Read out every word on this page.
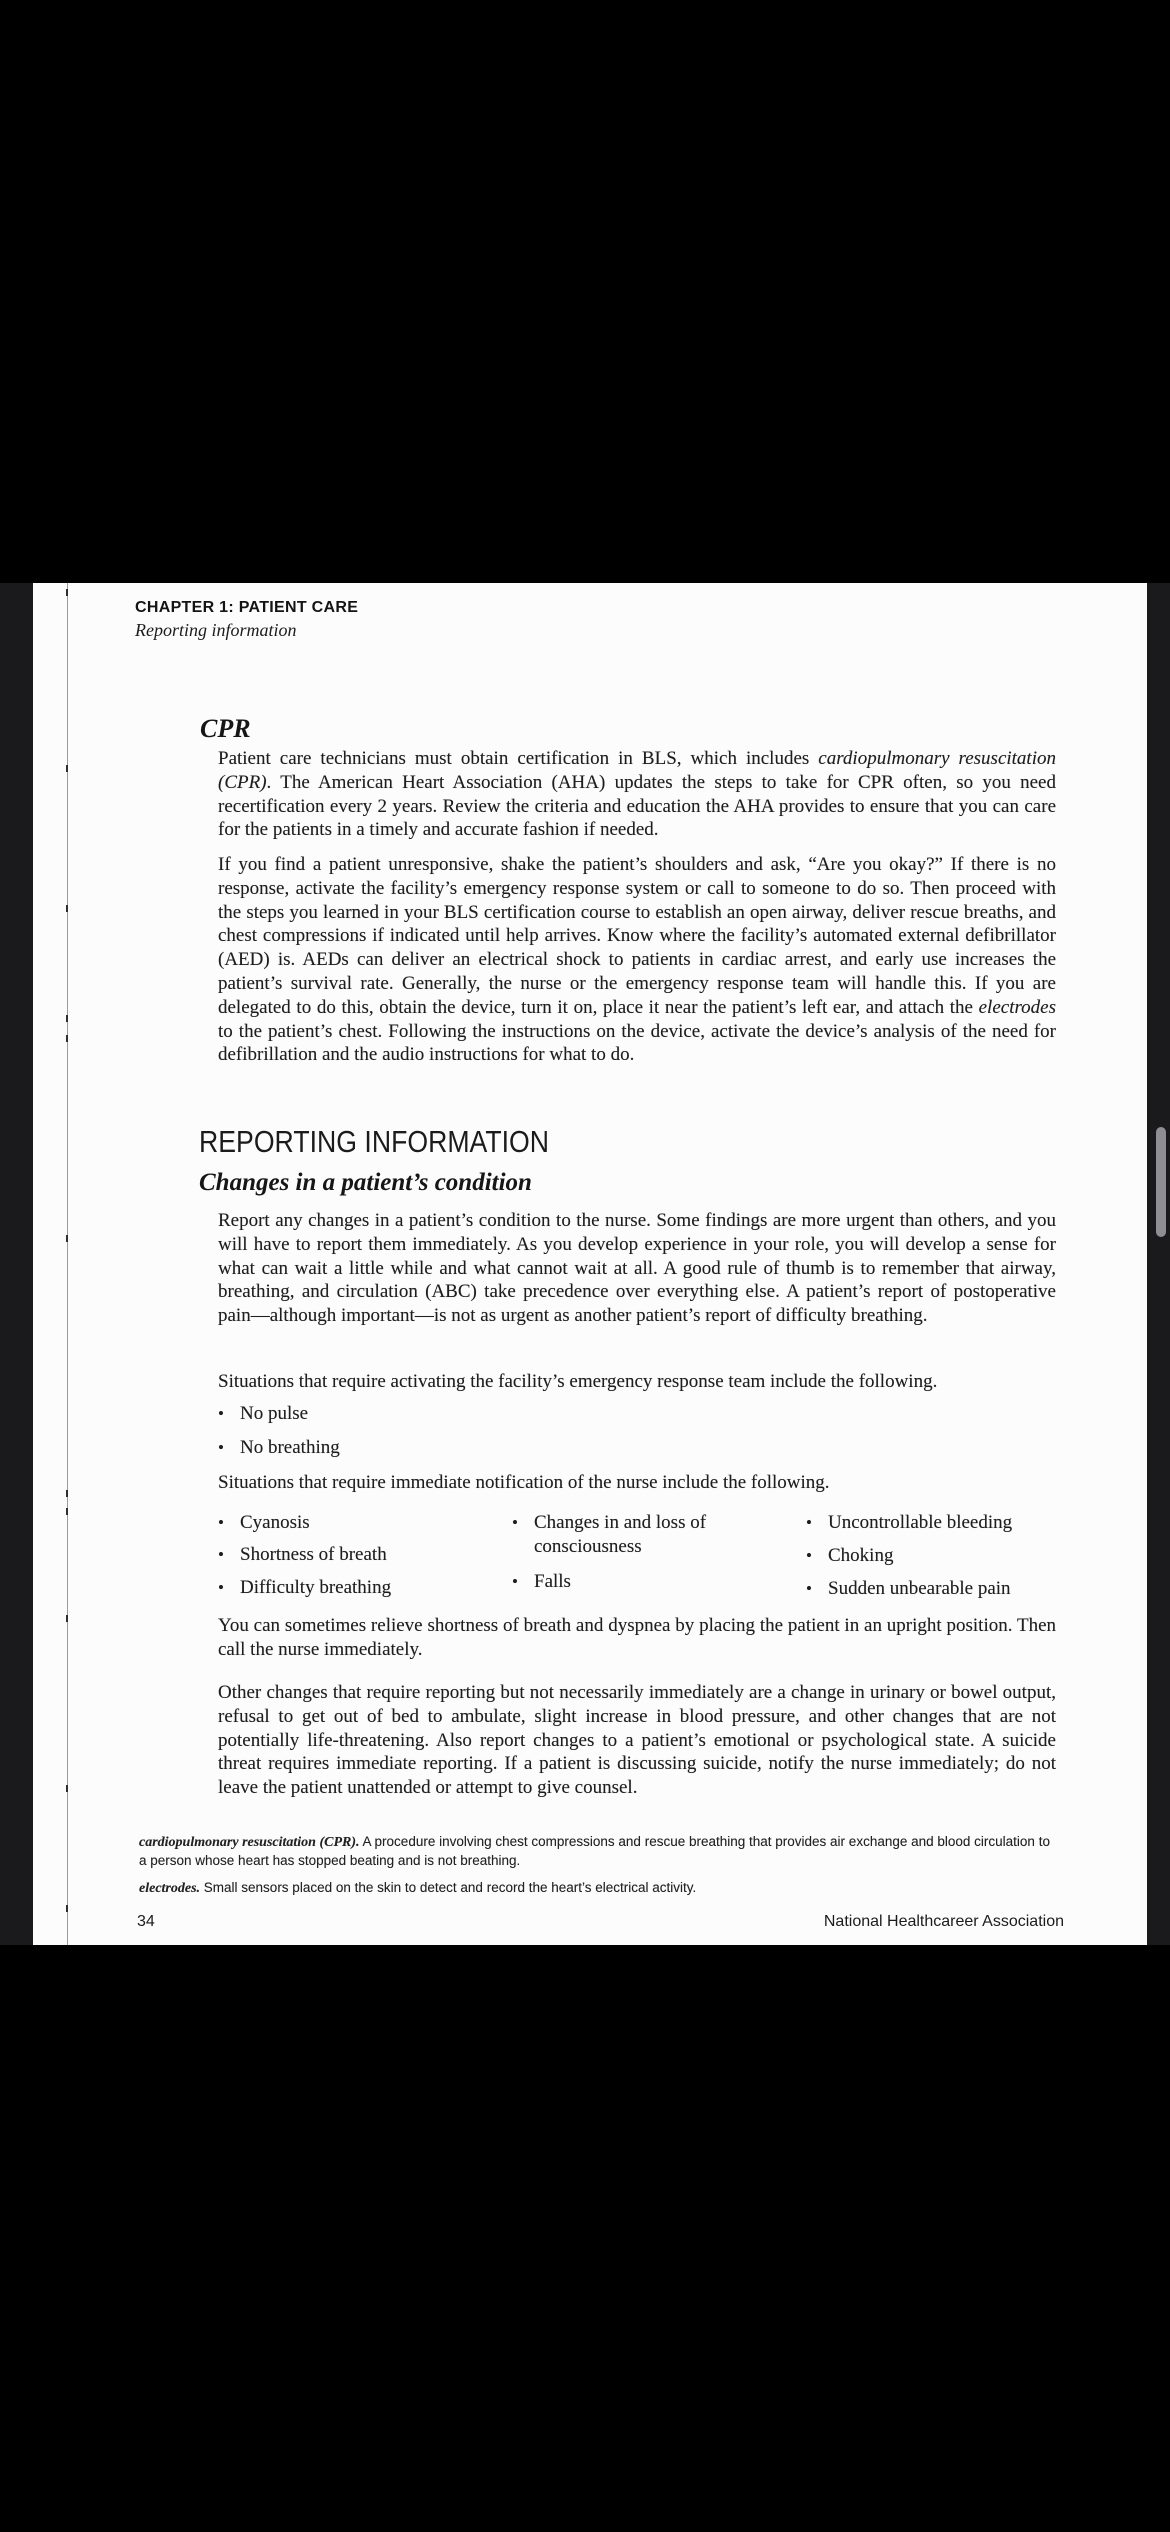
CHAPTER 1: PATIENT CARE
Reporting information
CPR
Patient care technicians must obtain certification in BLS, which includes cardiopulmonary resuscitation (CPR). The American Heart Association (AHA) updates the steps to take for CPR often, so you need recertification every 2 years. Review the criteria and education the AHA provides to ensure that you can care for the patients in a timely and accurate fashion if needed.
If you find a patient unresponsive, shake the patient’s shoulders and ask, “Are you okay?” If there is no response, activate the facility’s emergency response system or call to someone to do so. Then proceed with the steps you learned in your BLS certification course to establish an open airway, deliver rescue breaths, and chest compressions if indicated until help arrives. Know where the facility’s automated external defibrillator (AED) is. AEDs can deliver an electrical shock to patients in cardiac arrest, and early use increases the patient’s survival rate. Generally, the nurse or the emergency response team will handle this. If you are delegated to do this, obtain the device, turn it on, place it near the patient’s left ear, and attach the electrodes to the patient’s chest. Following the instructions on the device, activate the device’s analysis of the need for defibrillation and the audio instructions for what to do.
REPORTING INFORMATION
Changes in a patient’s condition
Report any changes in a patient’s condition to the nurse. Some findings are more urgent than others, and you will have to report them immediately. As you develop experience in your role, you will develop a sense for what can wait a little while and what cannot wait at all. A good rule of thumb is to remember that airway, breathing, and circulation (ABC) take precedence over everything else. A patient’s report of postoperative pain—although important—is not as urgent as another patient’s report of difficulty breathing.
Situations that require activating the facility’s emergency response team include the following.
• No pulse
• No breathing
Situations that require immediate notification of the nurse include the following.
• Cyanosis
• Shortness of breath
• Difficulty breathing
• Changes in and loss of consciousness
• Falls
• Uncontrollable bleeding
• Choking
• Sudden unbearable pain
You can sometimes relieve shortness of breath and dyspnea by placing the patient in an upright position. Then call the nurse immediately.
Other changes that require reporting but not necessarily immediately are a change in urinary or bowel output, refusal to get out of bed to ambulate, slight increase in blood pressure, and other changes that are not potentially life-threatening. Also report changes to a patient’s emotional or psychological state. A suicide threat requires immediate reporting. If a patient is discussing suicide, notify the nurse immediately; do not leave the patient unattended or attempt to give counsel.
cardiopulmonary resuscitation (CPR). A procedure involving chest compressions and rescue breathing that provides air exchange and blood circulation to a person whose heart has stopped beating and is not breathing.
electrodes. Small sensors placed on the skin to detect and record the heart’s electrical activity.
34	National Healthcareer Association
